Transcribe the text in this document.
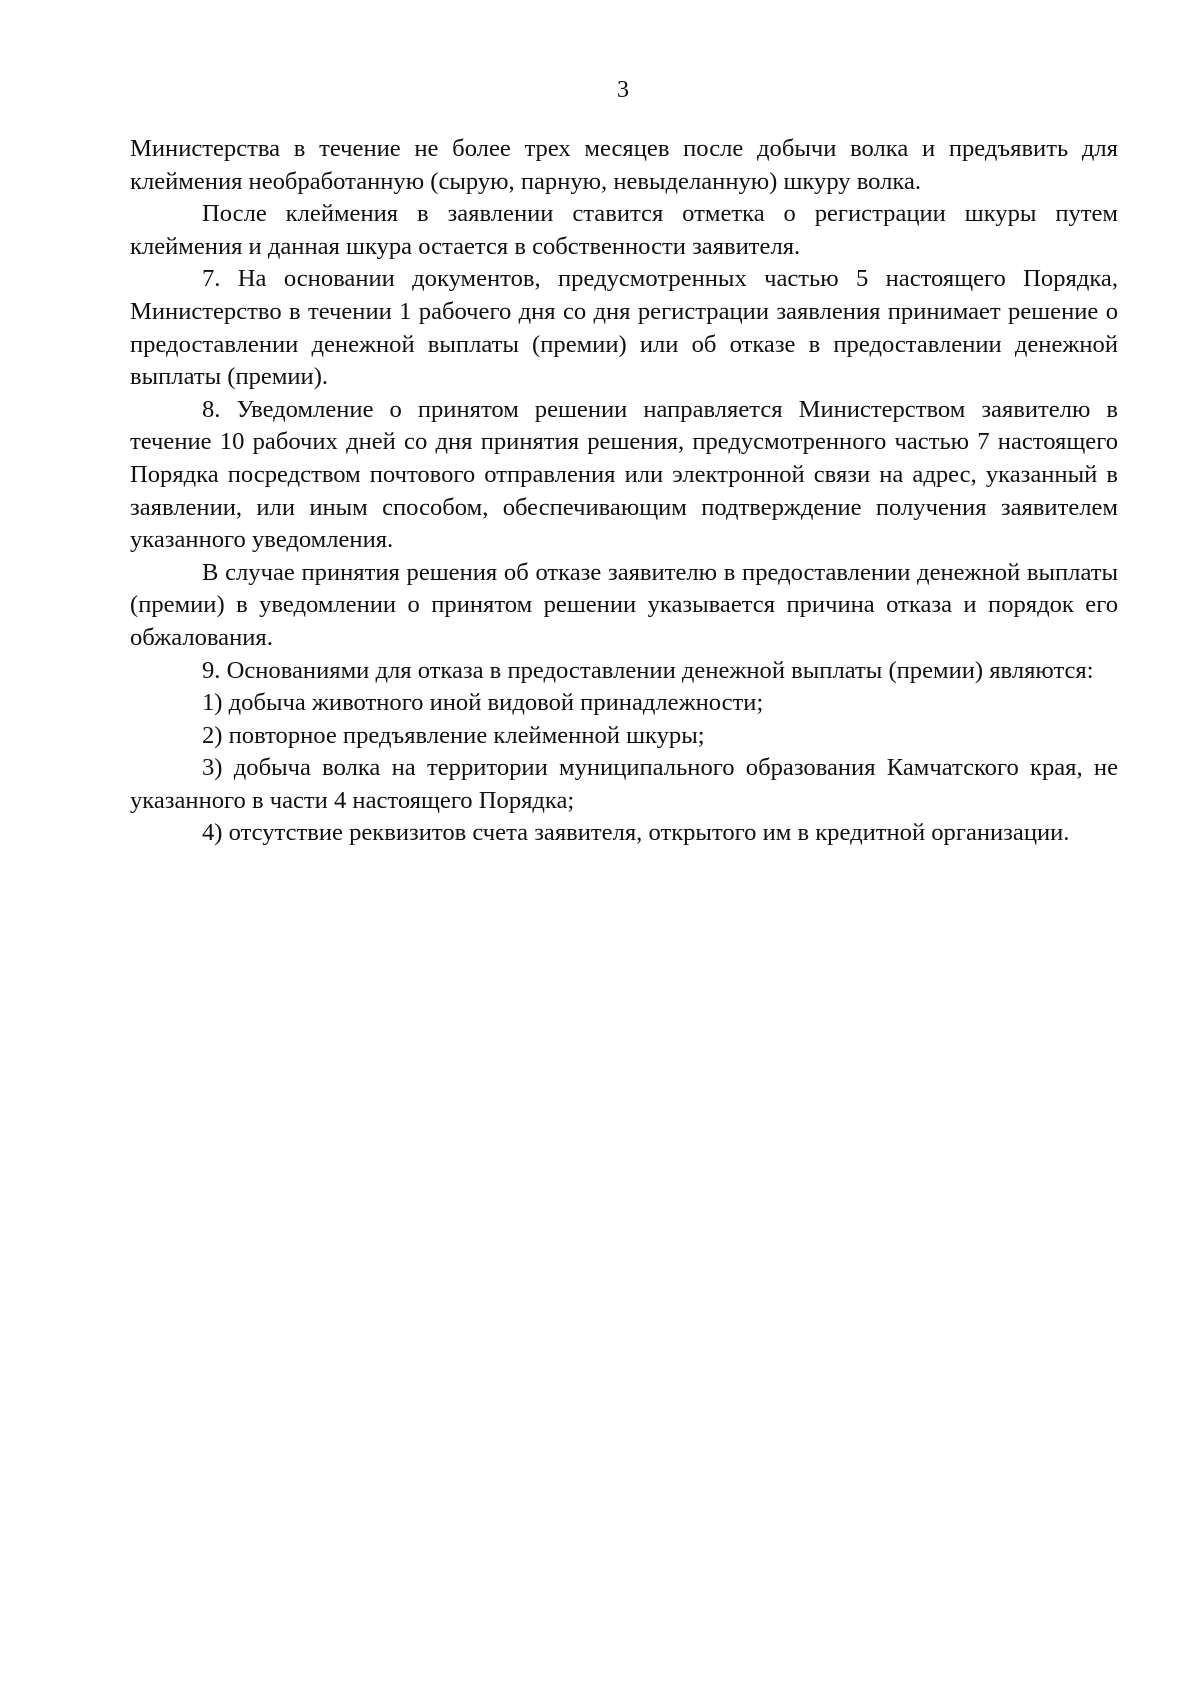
3

Министерства в течение не более трех месяцев после добычи волка и предъявить для клеймения необработанную (сырую, парную, невыделанную) шкуру волка.

После клеймения в заявлении ставится отметка о регистрации шкуры путем клеймения и данная шкура остается в собственности заявителя.

7. На основании документов, предусмотренных частью 5 настоящего Порядка, Министерство в течении 1 рабочего дня со дня регистрации заявления принимает решение о предоставлении денежной выплаты (премии) или об отказе в предоставлении денежной выплаты (премии).

8. Уведомление о принятом решении направляется Министерством заявителю в течение 10 рабочих дней со дня принятия решения, предусмотренного частью 7 настоящего Порядка посредством почтового отправления или электронной связи на адрес, указанный в заявлении, или иным способом, обеспечивающим подтверждение получения заявителем указанного уведомления.

В случае принятия решения об отказе заявителю в предоставлении денежной выплаты (премии) в уведомлении о принятом решении указывается причина отказа и порядок его обжалования.

9. Основаниями для отказа в предоставлении денежной выплаты (премии) являются:

1) добыча животного иной видовой принадлежности;

2) повторное предъявление клейменной шкуры;

3) добыча волка на территории муниципального образования Камчатского края, не указанного в части 4 настоящего Порядка;

4) отсутствие реквизитов счета заявителя, открытого им в кредитной организации.
